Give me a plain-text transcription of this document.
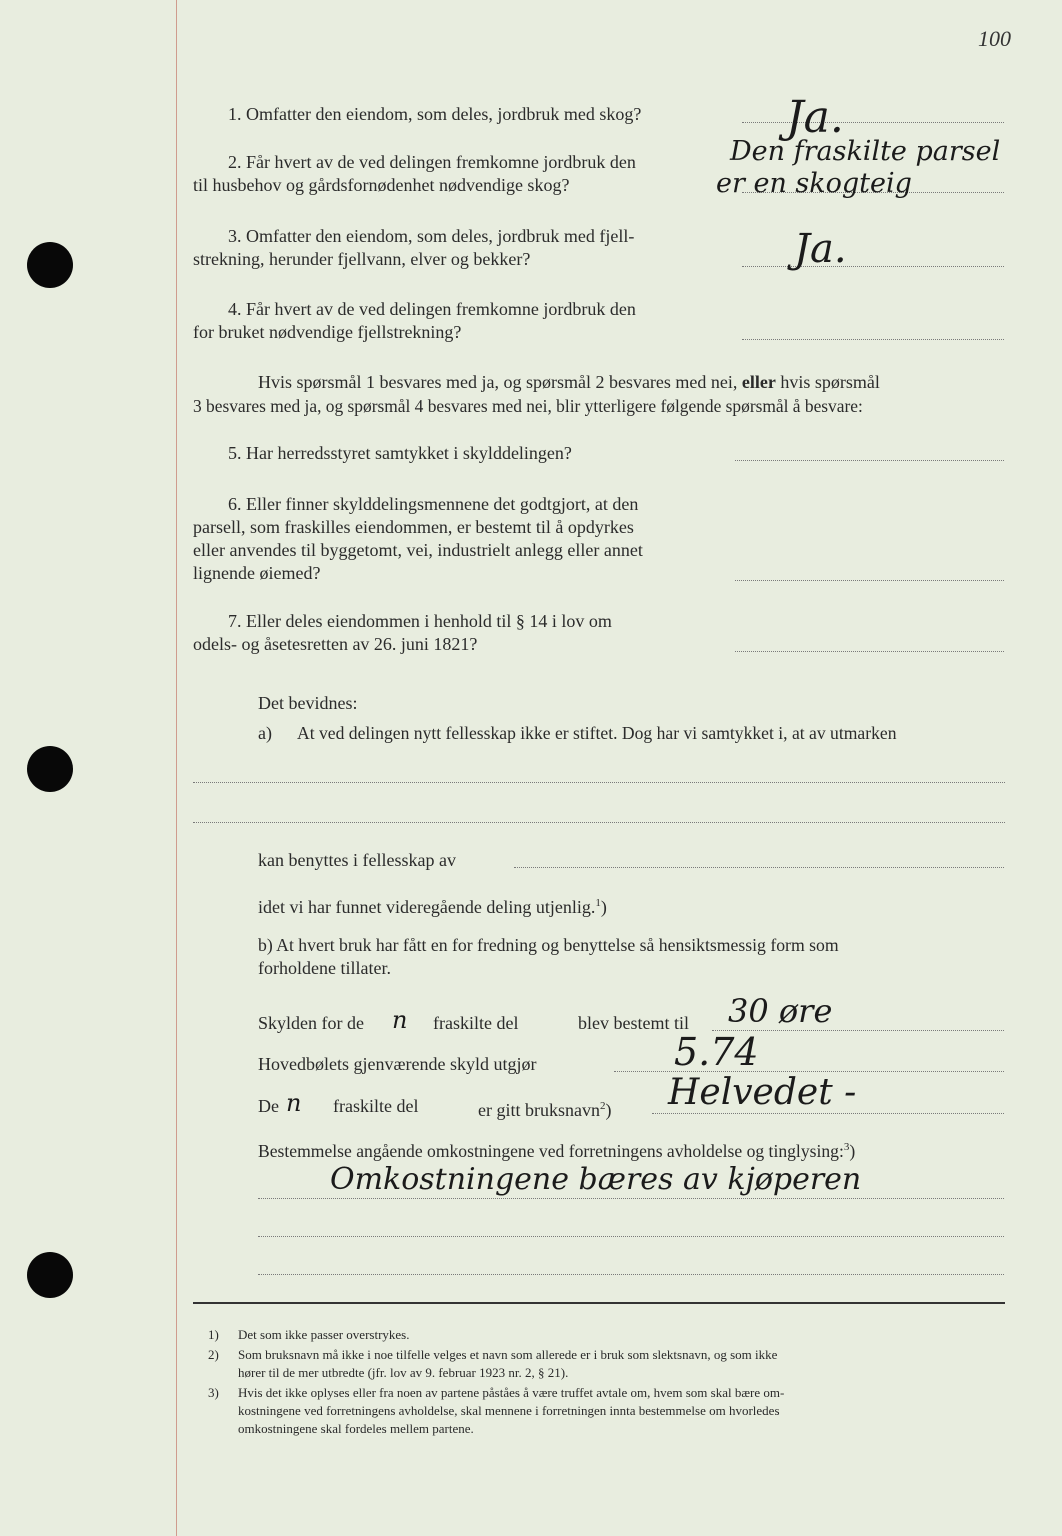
100
1. Omfatter den eiendom, som deles, jordbruk med skog?	Ja.
2. Får hvert av de ved delingen fremkomne jordbruk den
til husbehov og gårdsfornødenhet nødvendige skog?
Den fraskilte parsel
er en skogteig
3. Omfatter den eiendom, som deles, jordbruk med fjell-
strekning, herunder fjellvann, elver og bekker?	Ja.
4. Får hvert av de ved delingen fremkomne jordbruk den
for bruket nødvendige fjellstrekning?
Hvis spørsmål 1 besvares med ja, og spørsmål 2 besvares med nei, eller hvis spørsmål
3 besvares med ja, og spørsmål 4 besvares med nei, blir ytterligere følgende spørsmål å besvare:
5. Har herredsstyret samtykket i skylddelingen?
6. Eller finner skylddelingsmennene det godtgjort, at den
parsell, som fraskilles eiendommen, er bestemt til å opdyrkes
eller anvendes til byggetomt, vei, industrielt anlegg eller annet
lignende øiemed?
7. Eller deles eiendommen i henhold til § 14 i lov om
odels- og åsetesretten av 26. juni 1821?
Det bevidnes:
a) At ved delingen nytt fellesskap ikke er stiftet. Dog har vi samtykket i, at av utmarken
kan benyttes i fellesskap av
idet vi har funnet videregående deling utjenlig.$^1$)
b) At hvert bruk har fått en for fredning og benyttelse så hensiktsmessig form som
forholdene tillater.
Skylden for de n fraskilte del	blev bestemt til 30 øre
Hovedbølets gjenværende skyld utgjør	5.74
De n fraskilte del	er gitt bruksnavn$^2$) Helvedet -
Bestemmelse angående omkostningene ved forretningens avholdelse og tinglysing:$^3$)
Omkostningene bæres av kjøperen
1) Det som ikke passer overstrykes.
2) Som bruksnavn må ikke i noe tilfelle velges et navn som allerede er i bruk som slektsnavn, og som ikke
hører til de mer utbredte (jfr. lov av 9. februar 1923 nr. 2, § 21).
3) Hvis det ikke oplyses eller fra noen av partene påståes å være truffet avtale om, hvem som skal bære om-
kostningene ved forretningens avholdelse, skal mennene i forretningen innta bestemmelse om hvorledes
omkostningene skal fordeles mellem partene.
